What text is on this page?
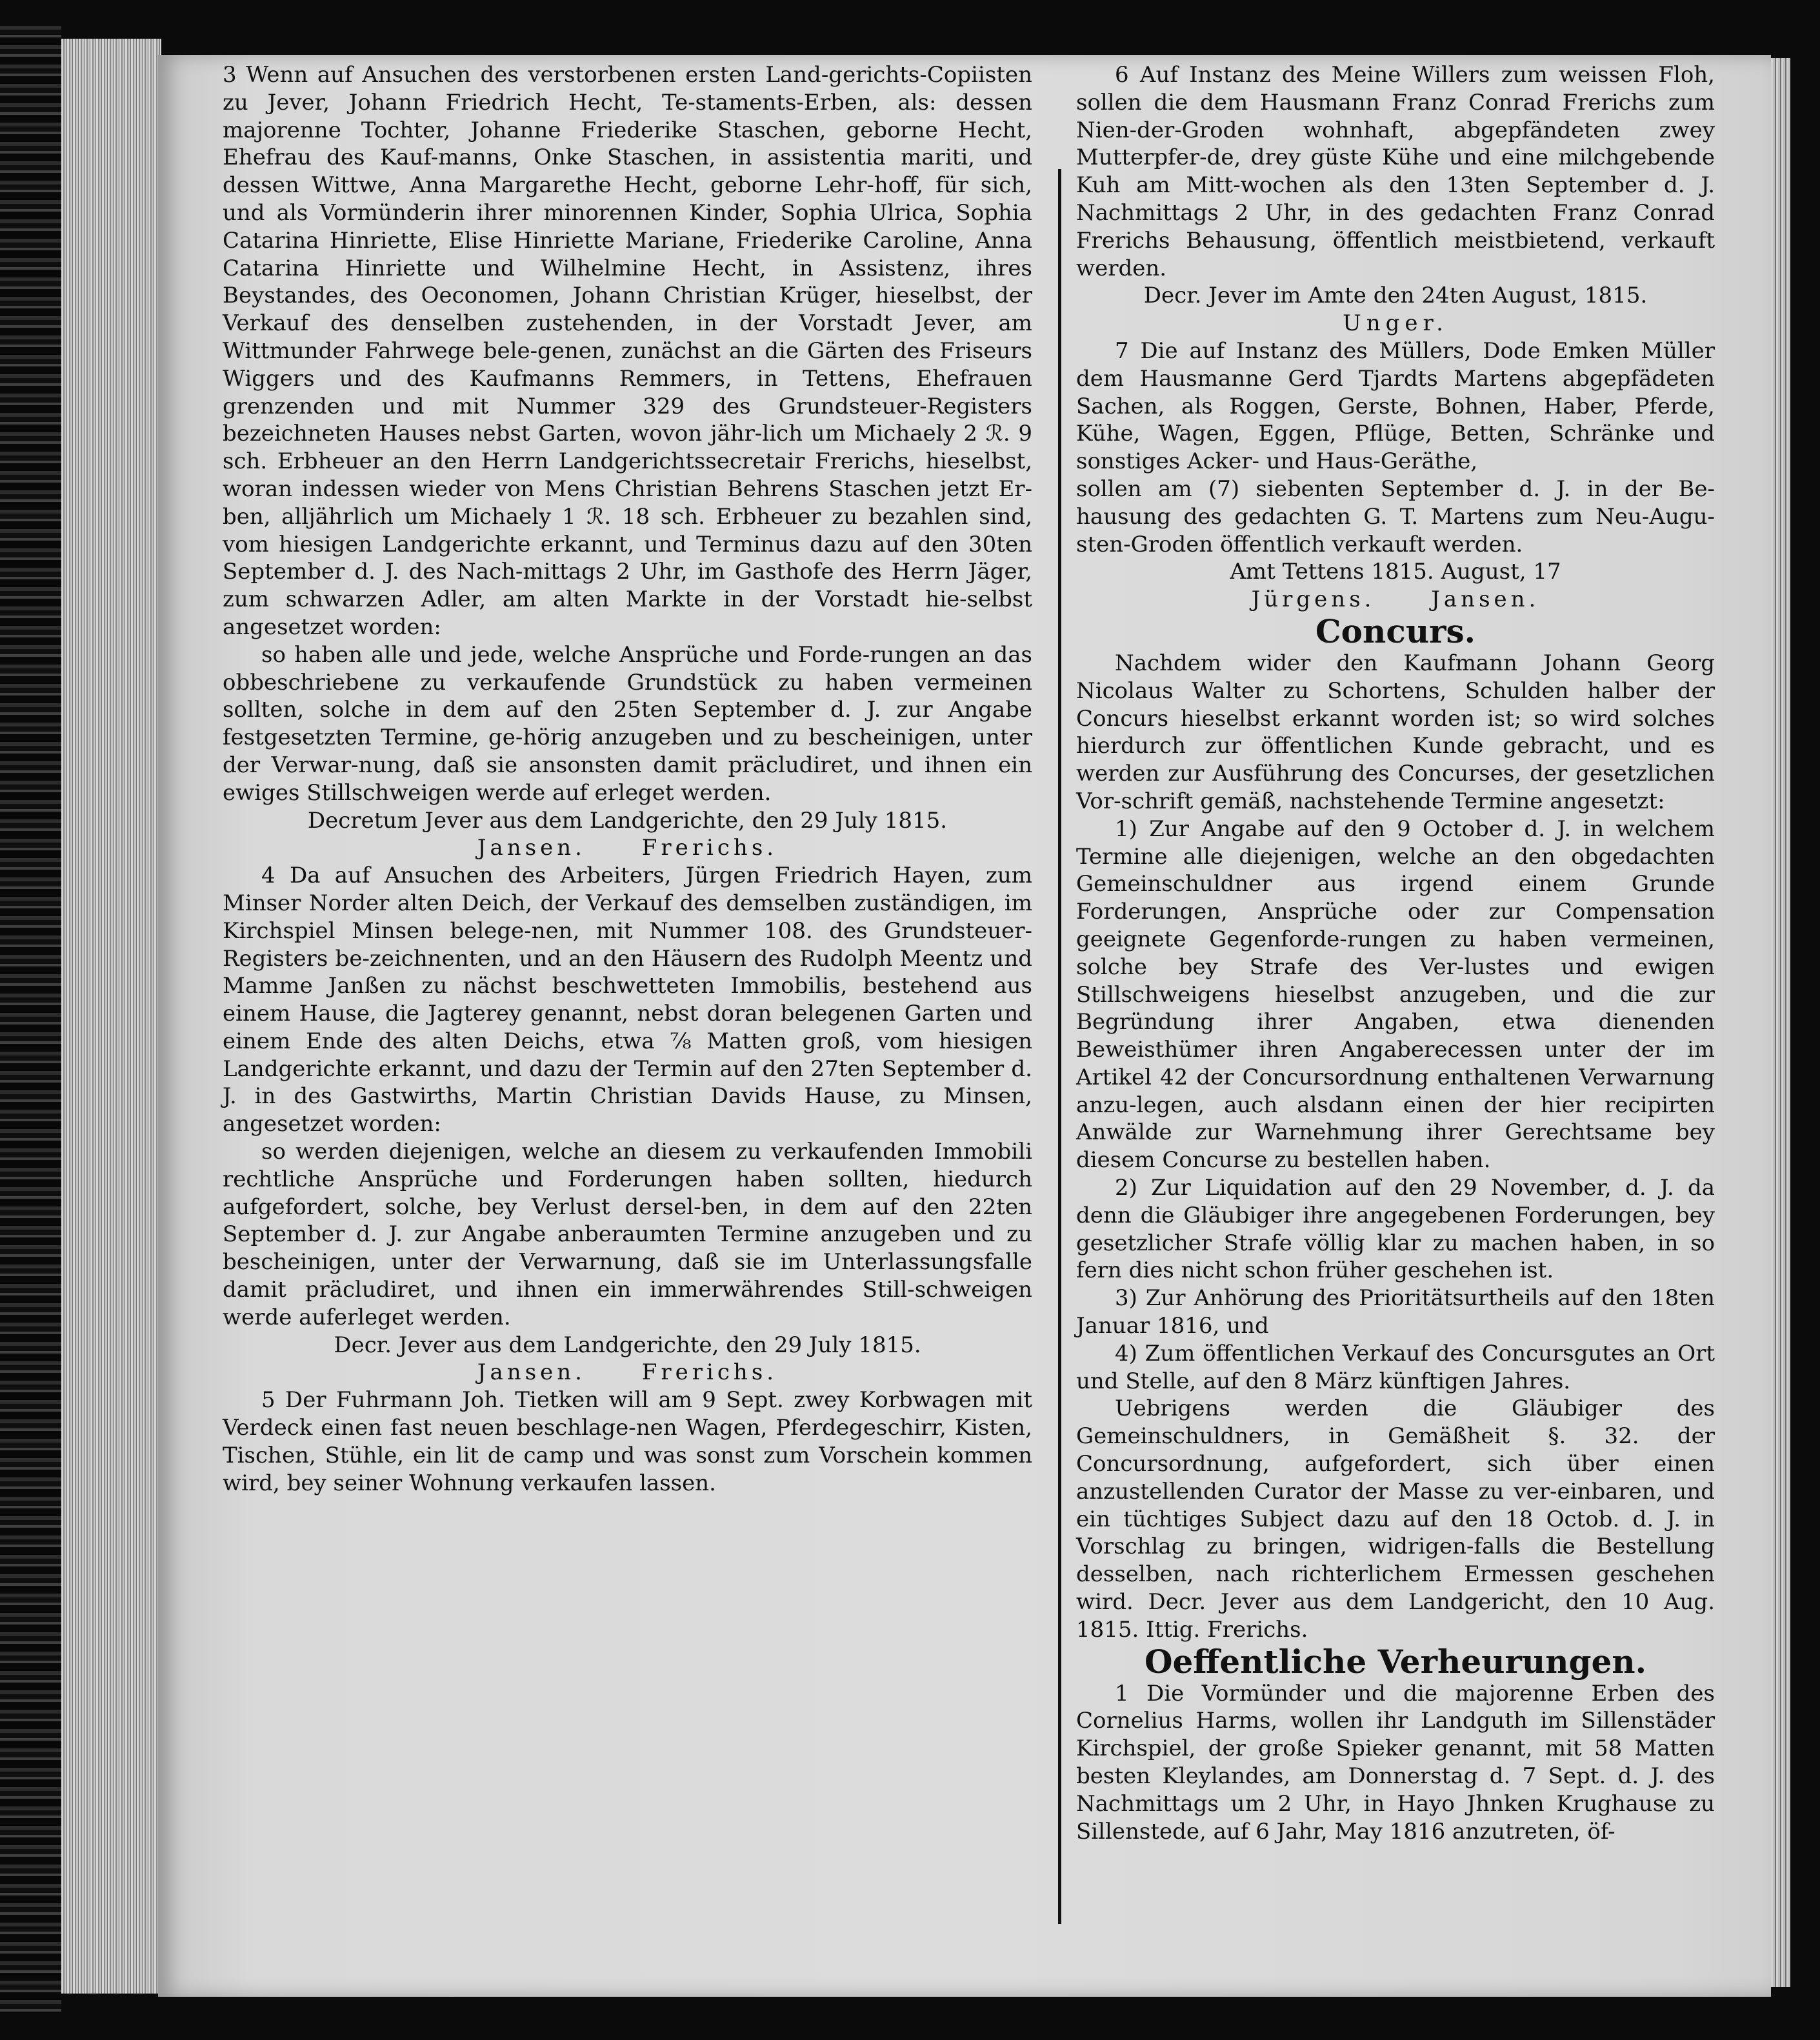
3 Wenn auf Ansuchen des verstorbenen ersten Land-gerichts-Copiisten zu Jever, Johann Friedrich Hecht, Te-staments-Erben, als: dessen majorenne Tochter, Johanne Friederike Staschen, geborne Hecht, Ehefrau des Kauf-manns, Onke Staschen, in assistentia mariti, und dessen Wittwe, Anna Margarethe Hecht, geborne Lehr-hoff, für sich, und als Vormünderin ihrer minorennen Kinder, Sophia Ulrica, Sophia Catarina Hinriette, Elise Hinriette Mariane, Friederike Caroline, Anna Catarina Hinriette und Wilhelmine Hecht, in Assistenz, ihres Beystandes, des Oeconomen, Johann Christian Krüger, hieselbst, der Verkauf des denselben zustehenden, in der Vorstadt Jever, am Wittmunder Fahrwege bele-genen, zunächst an die Gärten des Friseurs Wiggers und des Kaufmanns Remmers, in Tettens, Ehefrauen grenzenden und mit Nummer 329 des Grundsteuer-Registers bezeichneten Hauses nebst Garten, wovon jähr-lich um Michaely 2 ℛ. 9 sch. Erbheuer an den Herrn Landgerichtssecretair Frerichs, hieselbst, woran indessen wieder von Mens Christian Behrens Staschen jetzt Er-ben, alljährlich um Michaely 1 ℛ. 18 sch. Erbheuer zu bezahlen sind, vom hiesigen Landgerichte erkannt, und Terminus dazu auf den 30ten September d. J. des Nach-mittags 2 Uhr, im Gasthofe des Herrn Jäger, zum schwarzen Adler, am alten Markte in der Vorstadt hie-selbst angesetzet worden:

so haben alle und jede, welche Ansprüche und Forde-rungen an das obbeschriebene zu verkaufende Grundstück zu haben vermeinen sollten, solche in dem auf den 25ten September d. J. zur Angabe festgesetzten Termine, ge-hörig anzugeben und zu bescheinigen, unter der Verwar-nung, daß sie ansonsten damit präcludiret, und ihnen ein ewiges Stillschweigen werde auf erleget werden.

Decretum Jever aus dem Landgerichte, den 29 July 1815.

Jansen. Frerichs.

4 Da auf Ansuchen des Arbeiters, Jürgen Friedrich Hayen, zum Minser Norder alten Deich, der Verkauf des demselben zuständigen, im Kirchspiel Minsen belege-nen, mit Nummer 108. des Grundsteuer-Registers be-zeichnenten, und an den Häusern des Rudolph Meentz und Mamme Janßen zu nächst beschwetteten Immobilis, bestehend aus einem Hause, die Jagterey genannt, nebst doran belegenen Garten und einem Ende des alten Deichs, etwa ⅞ Matten groß, vom hiesigen Landgerichte erkannt, und dazu der Termin auf den 27ten September d. J. in des Gastwirths, Martin Christian Davids Hause, zu Minsen, angesetzet worden:

so werden diejenigen, welche an diesem zu verkaufenden Immobili rechtliche Ansprüche und Forderungen haben sollten, hiedurch aufgefordert, solche, bey Verlust dersel-ben, in dem auf den 22ten September d. J. zur Angabe anberaumten Termine anzugeben und zu bescheinigen, unter der Verwarnung, daß sie im Unterlassungsfalle damit präcludiret, und ihnen ein immerwährendes Still-schweigen werde auferleget werden.

Decr. Jever aus dem Landgerichte, den 29 July 1815.

Jansen. Frerichs.

5 Der Fuhrmann Joh. Tietken will am 9 Sept. zwey Korbwagen mit Verdeck einen fast neuen beschlage-nen Wagen, Pferdegeschirr, Kisten, Tischen, Stühle, ein lit de camp und was sonst zum Vorschein kommen wird, bey seiner Wohnung verkaufen lassen.

6 Auf Instanz des Meine Willers zum weissen Floh, sollen die dem Hausmann Franz Conrad Frerichs zum Nien-der-Groden wohnhaft, abgepfändeten zwey Mutterpfer-de, drey güste Kühe und eine milchgebende Kuh am Mitt-wochen als den 13ten September d. J. Nachmittags 2 Uhr, in des gedachten Franz Conrad Frerichs Behausung, öffentlich meistbietend, verkauft werden.

Decr. Jever im Amte den 24ten August, 1815.

Unger.

7 Die auf Instanz des Müllers, Dode Emken Müller dem Hausmanne Gerd Tjardts Martens abgepfädeten Sachen, als Roggen, Gerste, Bohnen, Haber, Pferde, Kühe, Wagen, Eggen, Pflüge, Betten, Schränke und sonstiges Acker- und Haus-Geräthe,

sollen am (7) siebenten September d. J. in der Be-hausung des gedachten G. T. Martens zum Neu-Augu-sten-Groden öffentlich verkauft werden.

Amt Tettens 1815. August, 17

Jürgens. Jansen.

Concurs.

Nachdem wider den Kaufmann Johann Georg Nicolaus Walter zu Schortens, Schulden halber der Concurs hieselbst erkannt worden ist; so wird solches hierdurch zur öffentlichen Kunde gebracht, und es werden zur Ausführung des Concurses, der gesetzlichen Vor-schrift gemäß, nachstehende Termine angesetzt:

1) Zur Angabe auf den 9 October d. J. in welchem Termine alle diejenigen, welche an den obgedachten Gemeinschuldner aus irgend einem Grunde Forderungen, Ansprüche oder zur Compensation geeignete Gegenforde-rungen zu haben vermeinen, solche bey Strafe des Ver-lustes und ewigen Stillschweigens hieselbst anzugeben, und die zur Begründung ihrer Angaben, etwa dienenden Beweisthümer ihren Angaberecessen unter der im Artikel 42 der Concursordnung enthaltenen Verwarnung anzu-legen, auch alsdann einen der hier recipirten Anwälde zur Warnehmung ihrer Gerechtsame bey diesem Concurse zu bestellen haben.

2) Zur Liquidation auf den 29 November, d. J. da denn die Gläubiger ihre angegebenen Forderungen, bey gesetzlicher Strafe völlig klar zu machen haben, in so fern dies nicht schon früher geschehen ist.

3) Zur Anhörung des Prioritätsurtheils auf den 18ten Januar 1816, und

4) Zum öffentlichen Verkauf des Concursgutes an Ort und Stelle, auf den 8 März künftigen Jahres.

Uebrigens werden die Gläubiger des Gemeinschuldners, in Gemäßheit §. 32. der Concursordnung, aufgefordert, sich über einen anzustellenden Curator der Masse zu ver-einbaren, und ein tüchtiges Subject dazu auf den 18 Octob. d. J. in Vorschlag zu bringen, widrigen-falls die Bestellung desselben, nach richterlichem Ermessen geschehen wird. Decr. Jever aus dem Landgericht, den 10 Aug. 1815. Ittig. Frerichs.

Oeffentliche Verheurungen.

1 Die Vormünder und die majorenne Erben des Cornelius Harms, wollen ihr Landguth im Sillenstäder Kirchspiel, der große Spieker genannt, mit 58 Matten besten Kleylandes, am Donnerstag d. 7 Sept. d. J. des Nachmittags um 2 Uhr, in Hayo Jhnken Krughause zu Sillenstede, auf 6 Jahr, May 1816 anzutreten, öf-
